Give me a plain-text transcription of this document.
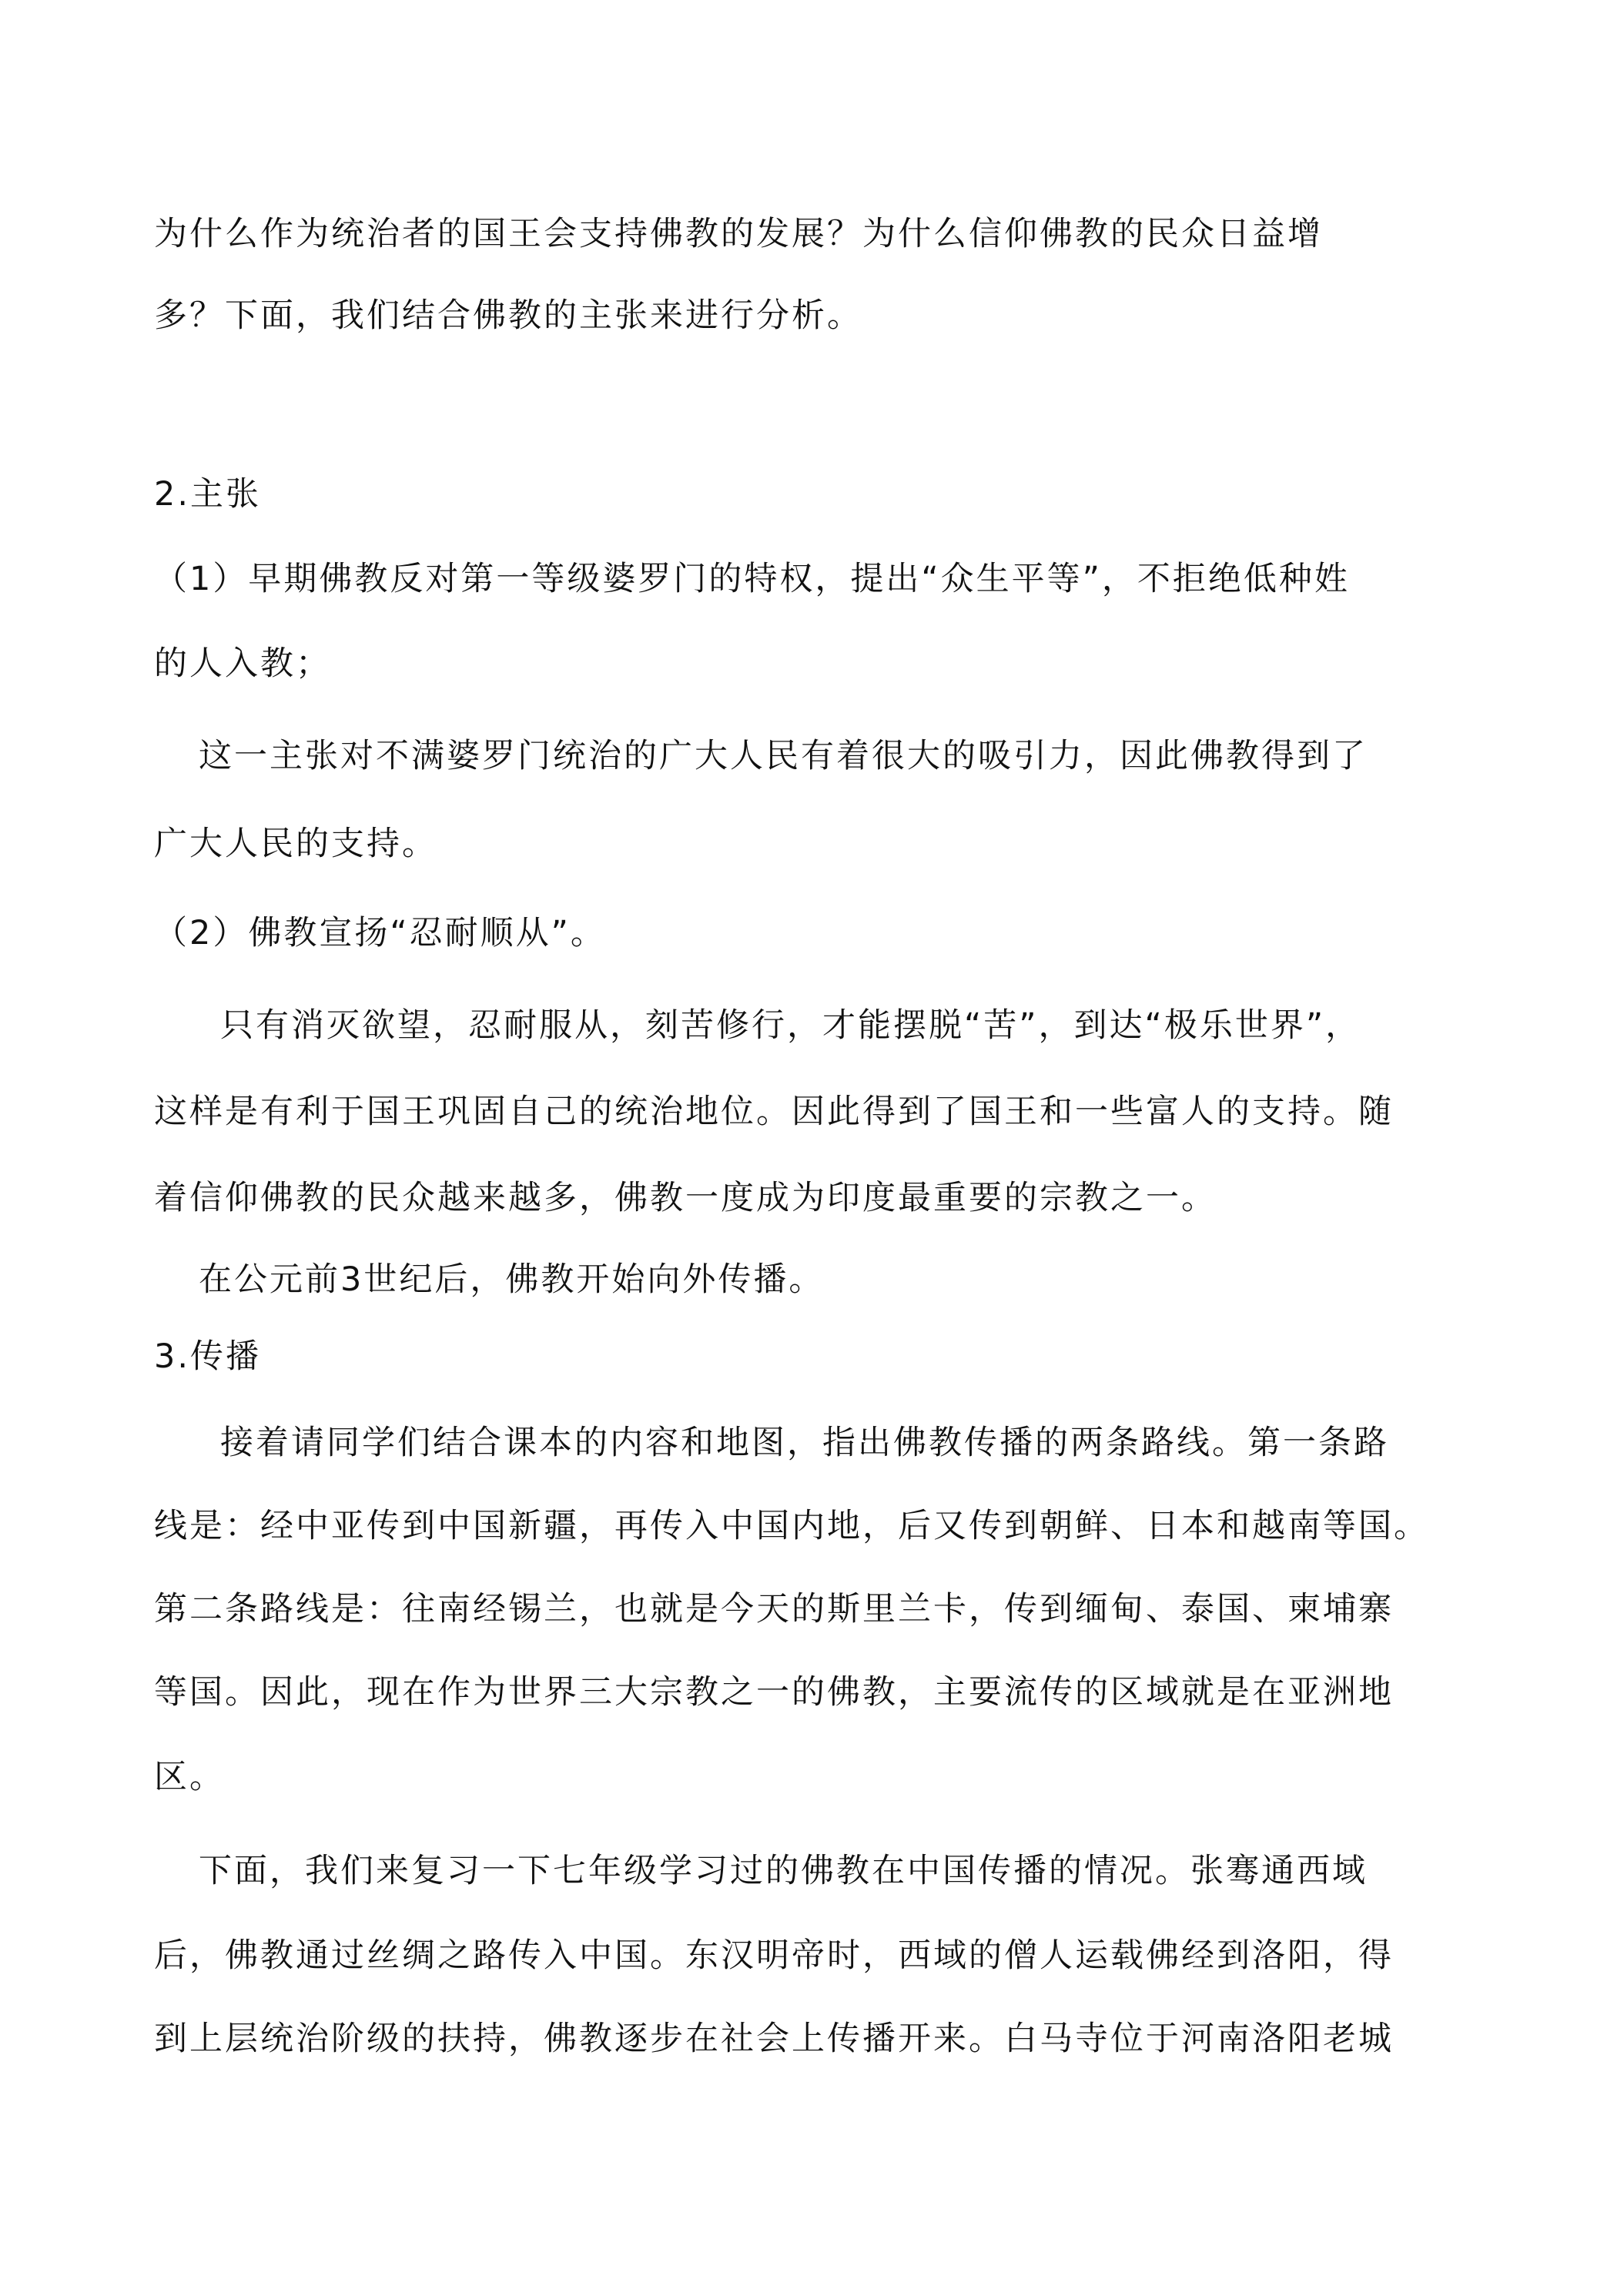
为什么作为统治者的国王会支持佛教的发展？为什么信仰佛教的民众日益增
多？下面，我们结合佛教的主张来进行分析。
2.主张
（1）早期佛教反对第一等级婆罗门的特权，提出“众生平等”，不拒绝低种姓
的人入教；
这一主张对不满婆罗门统治的广大人民有着很大的吸引力，因此佛教得到了
广大人民的支持。
（2）佛教宣扬“忍耐顺从”。
只有消灭欲望，忍耐服从，刻苦修行，才能摆脱“苦”，到达“极乐世界”，
这样是有利于国王巩固自己的统治地位。因此得到了国王和一些富人的支持。随
着信仰佛教的民众越来越多，佛教一度成为印度最重要的宗教之一。
在公元前3世纪后，佛教开始向外传播。
3.传播
接着请同学们结合课本的内容和地图，指出佛教传播的两条路线。第一条路
线是：经中亚传到中国新疆，再传入中国内地，后又传到朝鲜、日本和越南等国。
第二条路线是：往南经锡兰，也就是今天的斯里兰卡，传到缅甸、泰国、柬埔寨
等国。因此，现在作为世界三大宗教之一的佛教，主要流传的区域就是在亚洲地
区。
下面，我们来复习一下七年级学习过的佛教在中国传播的情况。张骞通西域
后，佛教通过丝绸之路传入中国。东汉明帝时，西域的僧人运载佛经到洛阳，得
到上层统治阶级的扶持，佛教逐步在社会上传播开来。白马寺位于河南洛阳老城
